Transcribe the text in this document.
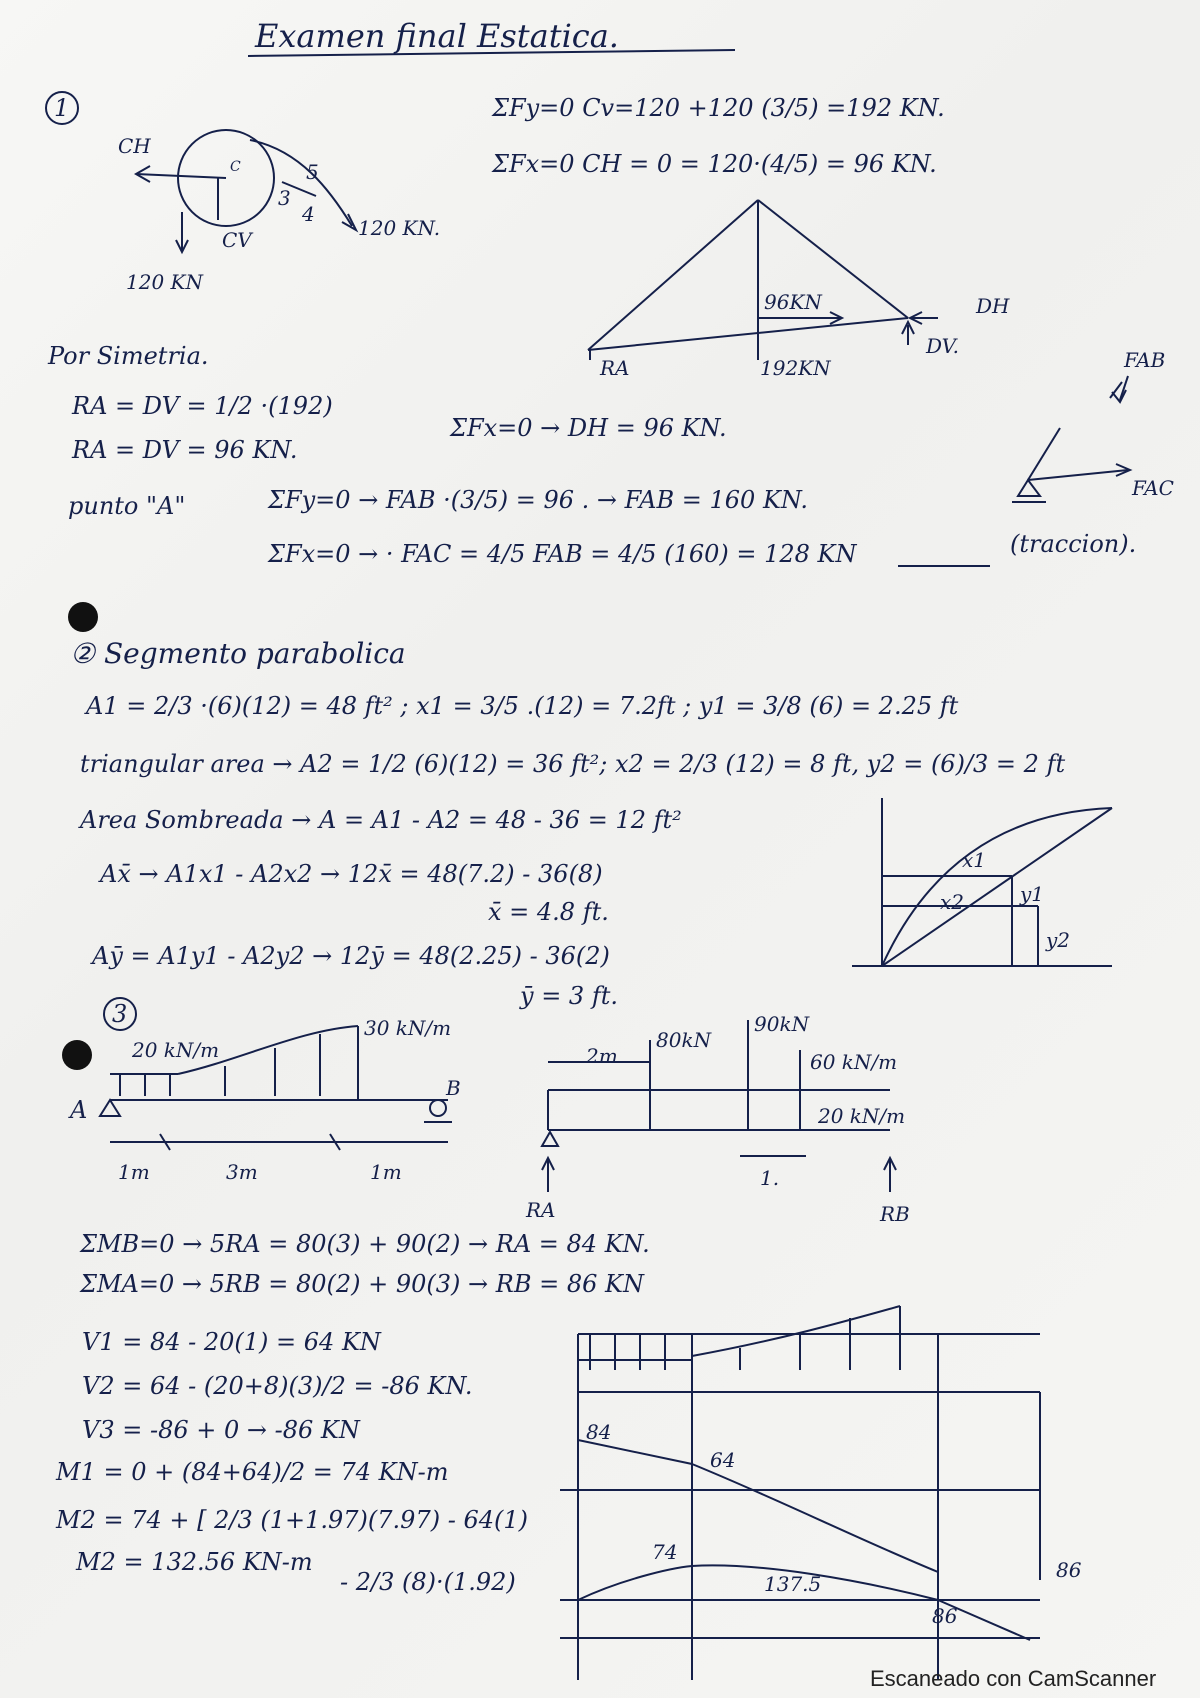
Examen final Estatica.
1
CH
C
CV
5
3
4
120 KN.
120 KN
ΣFy=0 Cv=120 +120 (3/5) =192 KN.
ΣFx=0 CH = 0 = 120·(4/5) = 96 KN.
96KN	DH
RA	192KN
DV.
Por Simetria.
RA = DV = 1/2 ·(192)
RA = DV = 96 KN.
ΣFx=0 → DH = 96 KN.
FAB
FAC
punto "A"	ΣFy=0 → FAB ·(3/5) = 96 . → FAB = 160 KN.
ΣFx=0 → · FAC = 4/5 FAB = 4/5 (160) = 128 KN	(traccion).
② Segmento parabolica
A1 = 2/3 ·(6)(12) = 48 ft² ; x1 = 3/5 .(12) = 7.2ft ; y1 = 3/8 (6) = 2.25 ft
triangular area → A2 = 1/2 (6)(12) = 36 ft²; x2 = 2/3 (12) = 8 ft, y2 = (6)/3 = 2 ft
Area Sombreada → A = A1 - A2 = 48 - 36 = 12 ft²
Ax̄ → A1x1 - A2x2 → 12x̄ = 48(7.2) - 36(8)
x̄ = 4.8 ft.
Aȳ = A1y1 - A2y2 → 12ȳ = 48(2.25) - 36(2)
ȳ = 3 ft.
x1
y1
x2
y2
3
20 kN/m
30 kN/m
A
B
1m	3m	1m
2m
80kN
90kN
60 kN/m
20 kN/m
1.
RA	RB
ΣMB=0 → 5RA = 80(3) + 90(2) → RA = 84 KN.
ΣMA=0 → 5RB = 80(2) + 90(3) → RB = 86 KN
V1 = 84 - 20(1) = 64 KN
V2 = 64 - (20+8)(3)/2 = -86 KN.
V3 = -86 + 0 → -86 KN
M1 = 0 + (84+64)/2 = 74 KN-m
M2 = 74 + [ 2/3 (1+1.97)(7.97) - 64(1)
M2 = 132.56 KN-m
- 2/3 (8)·(1.92)
84
64
74
137.5
86
86
Escaneado con CamScanner
